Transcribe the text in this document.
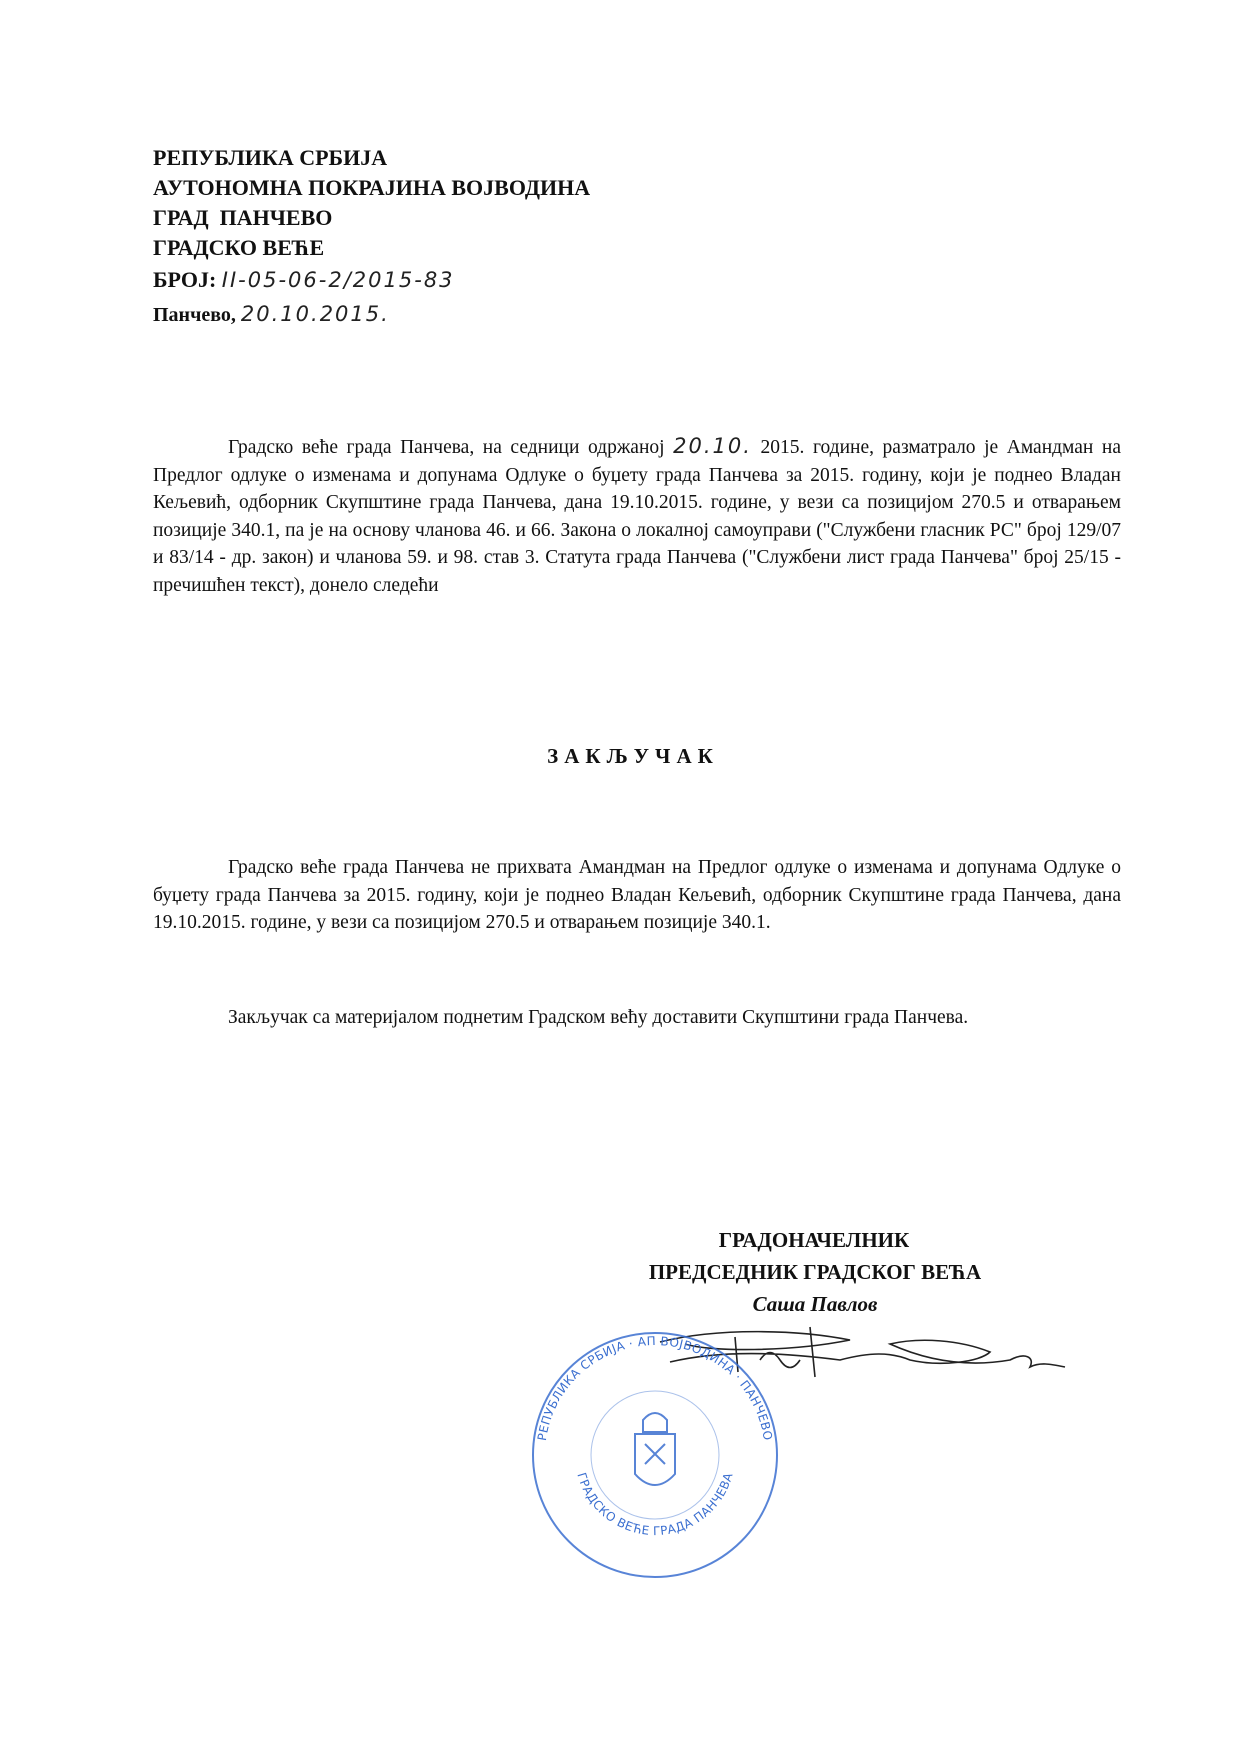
РЕПУБЛИКА СРБИЈА
АУТОНОМНА ПОКРАЈИНА ВОЈВОДИНА
ГРАД  ПАНЧЕВО
ГРАДСКО ВЕЋЕ
БРОЈ: II-05-06-2/2015-83
Панчево, 20.10.2015.
Градско веће града Панчева, на седници одржаној 20.10. 2015. године, разматрало је Амандман на Предлог одлуке о изменама и допунама Одлуке о буџету града Панчева за 2015. годину, који је поднео Владан Кељевић, одборник Скупштине града Панчева, дана 19.10.2015. године, у вези са позицијом 270.5 и отварањем позиције 340.1, па је на основу чланова 46. и 66. Закона о локалној самоуправи ("Службени гласник РС" број 129/07 и 83/14 - др. закон) и чланова 59. и 98. став 3. Статута града Панчева ("Службени лист града Панчева" број 25/15 - пречишћен текст), донело следећи
ЗАКЉУЧАК
Градско веће града Панчева не прихвата Амандман на Предлог одлуке о изменама и допунама Одлуке о буџету града Панчева за 2015. годину, који је поднео Владан Кељевић, одборник Скупштине града Панчева, дана 19.10.2015. године, у вези са позицијом 270.5 и отварањем позиције 340.1.
Закључак са материјалом поднетим Градском већу доставити Скупштини града Панчева.
ГРАДОНАЧЕЛНИК
ПРЕДСЕДНИК ГРАДСКОГ ВЕЋА
Саша Павлов
РЕПУБЛИКА СРБИЈА · АП ВОЈВОДИНА · ПАНЧЕВО
ГРАДСКО ВЕЋЕ ГРАДА ПАНЧЕВА
